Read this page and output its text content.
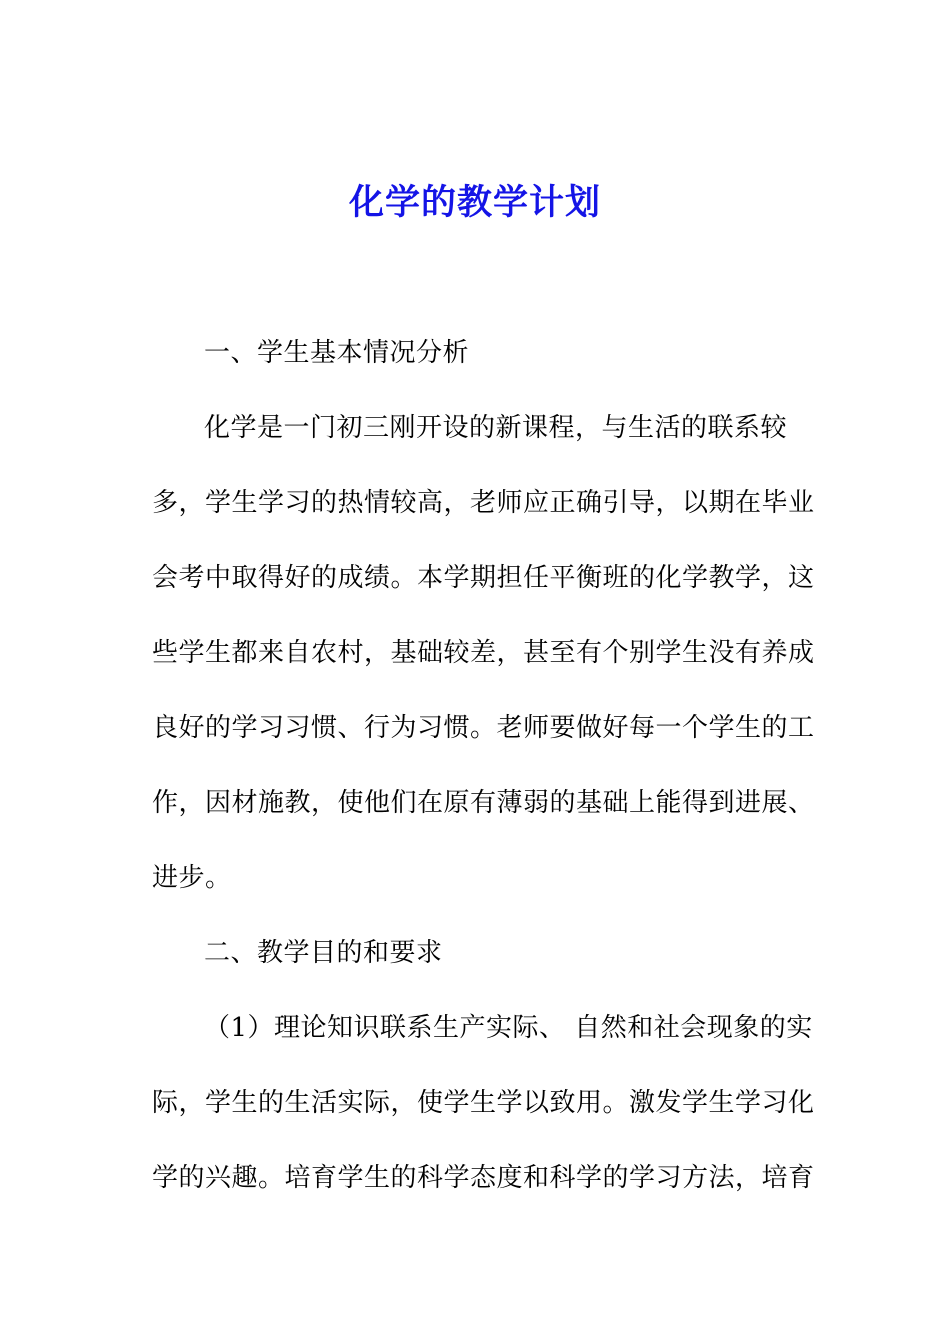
化学的教学计划
一、学生基本情况分析
化学是一门初三刚开设的新课程，与生活的联系较
多，学生学习的热情较高，老师应正确引导，以期在毕业
会考中取得好的成绩。本学期担任平衡班的化学教学，这
些学生都来自农村，基础较差，甚至有个别学生没有养成
良好的学习习惯、行为习惯。老师要做好每一个学生的工
作，因材施教，使他们在原有薄弱的基础上能得到进展、
进步。
二、教学目的和要求
（1）理论知识联系生产实际、 自然和社会现象的实
际，学生的生活实际，使学生学以致用。激发学生学习化
学的兴趣。培育学生的科学态度和科学的学习方法，培育
